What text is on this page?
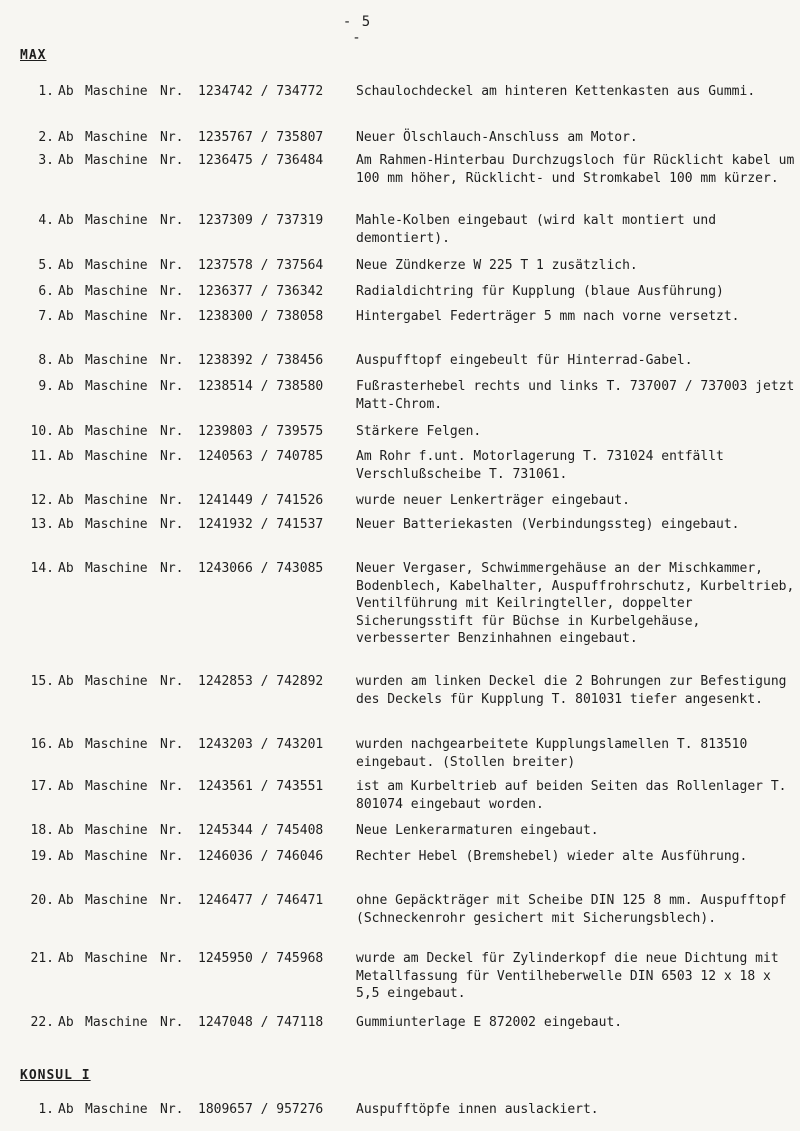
- 5 -
MAX
KONSUL I
1. Ab Maschine Nr. 1234742 / 734772	Schaulochdeckel am hinteren Kettenkasten aus Gummi.
2. Ab Maschine Nr. 1235767 / 735807	Neuer Ölschlauch-Anschluss am Motor.
3. Ab Maschine Nr. 1236475 / 736484	Am Rahmen-Hinterbau Durchzugsloch für Rücklicht kabel um 100 mm höher, Rücklicht- und Stromkabel 100 mm kürzer.
4. Ab Maschine Nr. 1237309 / 737319	Mahle-Kolben eingebaut (wird kalt montiert und demontiert).
5. Ab Maschine Nr. 1237578 / 737564	Neue Zündkerze W 225 T 1 zusätzlich.
6. Ab Maschine Nr. 1236377 / 736342	Radialdichtring für Kupplung (blaue Ausführung)
7. Ab Maschine Nr. 1238300 / 738058	Hintergabel Federträger 5 mm nach vorne versetzt.
8. Ab Maschine Nr. 1238392 / 738456	Auspufftopf eingebeult für Hinterrad-Gabel.
9. Ab Maschine Nr. 1238514 / 738580	Fußrasterhebel rechts und links T. 737007 / 737003 jetzt Matt-Chrom.
10. Ab Maschine Nr. 1239803 / 739575	Stärkere Felgen.
11. Ab Maschine Nr. 1240563 / 740785	Am Rohr f.unt. Motorlagerung T. 731024 entfällt Verschlußscheibe T. 731061.
12. Ab Maschine Nr. 1241449 / 741526	wurde neuer Lenkerträger eingebaut.
13. Ab Maschine Nr. 1241932 / 741537	Neuer Batteriekasten (Verbindungssteg) eingebaut.
14. Ab Maschine Nr. 1243066 / 743085	Neuer Vergaser, Schwimmergehäuse an der Mischkammer, Bodenblech, Kabelhalter, Auspuffrohrschutz, Kurbeltrieb, Ventilführung mit Keilringteller, doppelter Sicherungsstift für Büchse in Kurbelgehäuse, verbesserter Benzinhahnen eingebaut.
15. Ab Maschine Nr. 1242853 / 742892	wurden am linken Deckel die 2 Bohrungen zur Befestigung des Deckels für Kupplung T. 801031 tiefer angesenkt.
16. Ab Maschine Nr. 1243203 / 743201	wurden nachgearbeitete Kupplungslamellen T. 813510 eingebaut. (Stollen breiter)
17. Ab Maschine Nr. 1243561 / 743551	ist am Kurbeltrieb auf beiden Seiten das Rollenlager T. 801074 eingebaut worden.
18. Ab Maschine Nr. 1245344 / 745408	Neue Lenkerarmaturen eingebaut.
19. Ab Maschine Nr. 1246036 / 746046	Rechter Hebel (Bremshebel) wieder alte Ausführung.
20. Ab Maschine Nr. 1246477 / 746471	ohne Gepäckträger mit Scheibe DIN 125 8 mm. Auspufftopf (Schneckenrohr gesichert mit Sicherungsblech).
21. Ab Maschine Nr. 1245950 / 745968	wurde am Deckel für Zylinderkopf die neue Dichtung mit Metallfassung für Ventilheberwelle DIN 6503 12 x 18 x 5,5 eingebaut.
22. Ab Maschine Nr. 1247048 / 747118	Gummiunterlage E 872002 eingebaut.
1. Ab Maschine Nr. 1809657 / 957276	Auspufftöpfe innen auslackiert.
